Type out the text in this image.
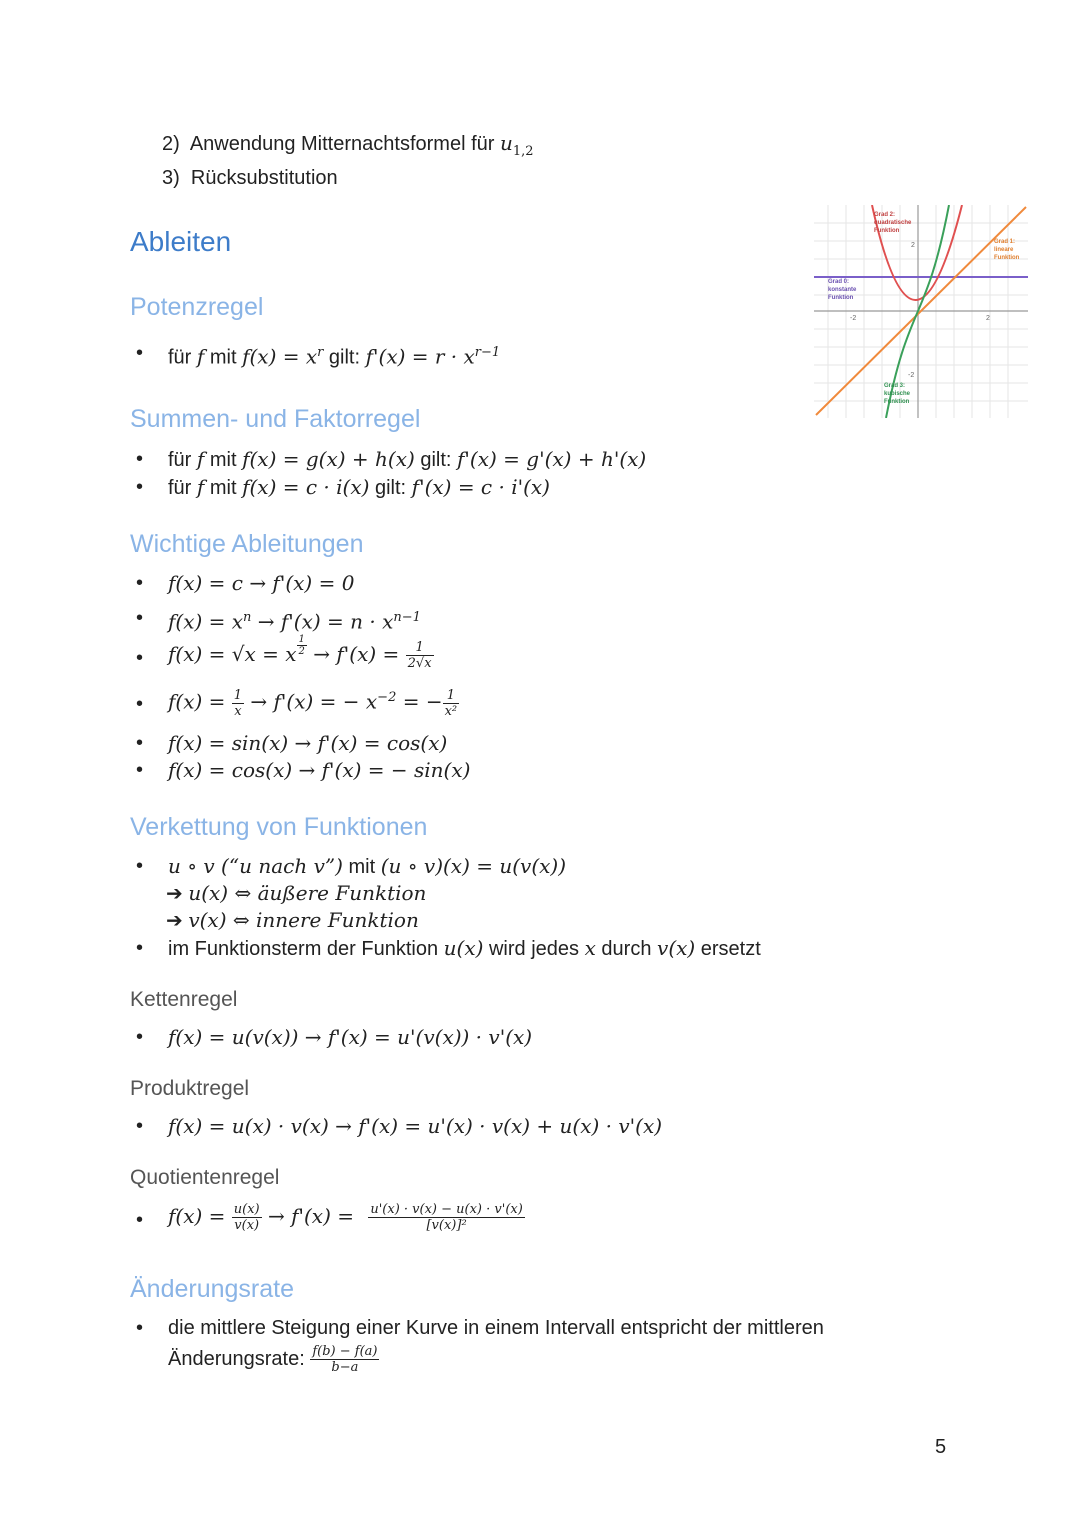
2) Anwendung Mitternachtsformel für $u_{1,2}$
3) Rücksubstitution
Ableiten
Potenzregel
• für f mit $f(x) = x^r$ gilt: $f'(x) = r \cdot x^{r-1}$
Summen- und Faktorregel
• für f mit f(x) = g(x) + h(x) gilt: f'(x) = g'(x) + h'(x)
• für f mit f(x) = c · i(x) gilt: f'(x) = c · i'(x)
Wichtige Ableitungen
• f(x) = c → f'(x) = 0
• $f(x) = x^n \to f'(x) = n \cdot x^{n-1}$
• f(x) = √x = x $\frac{1}{2} \to f'(x) = \frac{1}{2√x}$
• $f(x) = \frac{1}{x} \to f'(x)$ = − $x^{-2}$ = − $\frac{1}{\text{x²}}$
• f(x) = sin(x) → f'(x) = cos(x)
• f(x) = cos(x) → f'(x) = − sin(x)
Verkettung von Funktionen
• u ∘ v (“u nach v”) mit (u ∘ v)(x) = u(v(x))
➔ u(x) ⇔ äußere Funktion
➔ v(x) ⇔ innere Funktion
• im Funktionsterm der Funktion u(x) wird jedes x durch v(x) ersetzt
Kettenregel
• f(x) = u(v(x)) → f'(x) = u'(v(x)) · v'(x)
Produktregel
• f(x) = u(x) · v(x) → f'(x) = u'(x) · v(x) + u(x) · v'(x)
Quotientenregel
• $f(x) = \frac{u(x)}{v(x)} \to f'(x) = \frac{u'(x) \cdot v(x) - u(x) \cdot v'(x)}{\text{[v(x)]²}}$
Änderungsrate
• die mittlere Steigung einer Kurve in einem Intervall entspricht der mittleren
Änderungsrate: $\frac{f(b) - f(a)}{b-a}$
Grad 2:
quadratische
Funktion
Grad 1:
lineare
Funktion
Grad 0:
konstante
Funktion
Grad 3:
kubische
Funktion
-2	2
2
-2
5
